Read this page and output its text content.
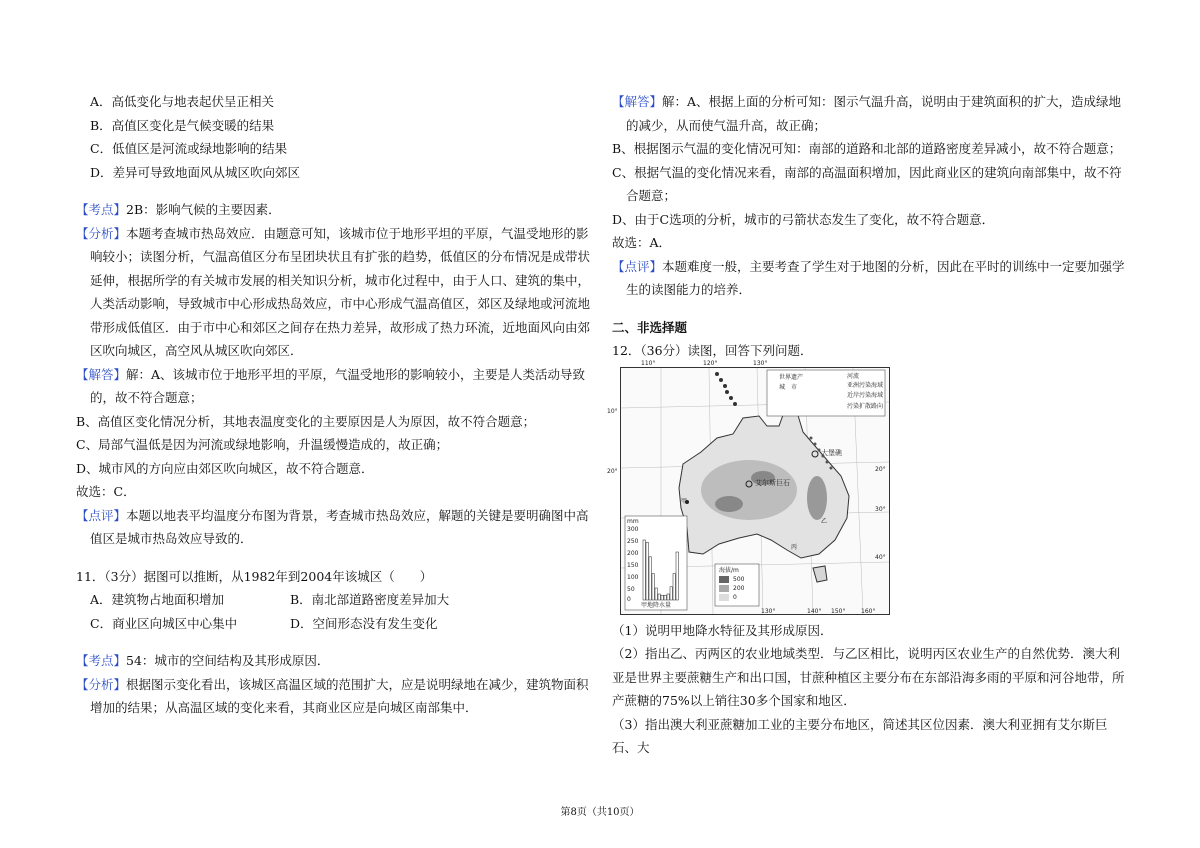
A．高低变化与地表起伏呈正相关

B．高值区变化是气候变暖的结果

C．低值区是河流或绿地影响的结果

D．差异可导致地面风从城区吹向郊区

【考点】2B：影响气候的主要因素．

【分析】本题考查城市热岛效应．由题意可知，该城市位于地形平坦的平原，气温受地形的影响较小；读图分析，气温高值区分布呈团块状且有扩张的趋势，低值区的分布情况是成带状延伸，根据所学的有关城市发展的相关知识分析，城市化过程中，由于人口、建筑的集中，人类活动影响，导致城市中心形成热岛效应，市中心形成气温高值区，郊区及绿地或河流地带形成低值区．由于市中心和郊区之间存在热力差异，故形成了热力环流，近地面风向由郊区吹向城区，高空风从城区吹向郊区．

【解答】解：A、该城市位于地形平坦的平原，气温受地形的影响较小，主要是人类活动导致的，故不符合题意；

B、高值区变化情况分析，其地表温度变化的主要原因是人为原因，故不符合题意；

C、局部气温低是因为河流或绿地影响，升温缓慢造成的，故正确；

D、城市风的方向应由郊区吹向城区，故不符合题意．

故选：C．

【点评】本题以地表平均温度分布图为背景，考查城市热岛效应，解题的关键是要明确图中高值区是城市热岛效应导致的．

11．（3分）据图可以推断，从1982年到2004年该城区（　　）

A．建筑物占地面积增加	B．南北部道路密度差异加大
C．商业区向城区中心集中	D．空间形态没有发生变化

【考点】54：城市的空间结构及其形成原因．

【分析】根据图示变化看出，该城区高温区域的范围扩大，应是说明绿地在减少，建筑物面积增加的结果；从高温区域的变化来看，其商业区应是向城区南部集中．

【解答】解：A、根据上面的分析可知：图示气温升高，说明由于建筑面积的扩大，造成绿地的减少，从而使气温升高，故正确；

B、根据图示气温的变化情况可知：南部的道路和北部的道路密度差异减小，故不符合题意；

C、根据气温的变化情况来看，南部的高温面积增加，因此商业区的建筑向南部集中，故不符合题意；

D、由于C选项的分析，城市的弓箭状态发生了变化，故不符合题意．

故选：A．

【点评】本题难度一般，主要考查了学生对于地图的分析，因此在平时的训练中一定要加强学生的读图能力的培养．

二、非选择题

12．（36分）读图，回答下列问题．

110°	120°	130°
130°	140° 150°	160°
10°
20°	20°
30°
40°
世界遗产
城　市
河流
亚洲污染海域
近岸污染海域
污染扩散路向
大堡礁
艾尔斯巨石
甲
乙
丙
mm
300
250
200
150
100
50
0
甲地降水量
海拔/m
500
200
0

（1）说明甲地降水特征及其形成原因．

（2）指出乙、丙两区的农业地域类型．与乙区相比，说明丙区农业生产的自然优势．澳大利亚是世界主要蔗糖生产和出口国，甘蔗种植区主要分布在东部沿海多雨的平原和河谷地带，所产蔗糖的75%以上销往30多个国家和地区．

（3）指出澳大利亚蔗糖加工业的主要分布地区，简述其区位因素．澳大利亚拥有艾尔斯巨石、大

第8页（共10页）
